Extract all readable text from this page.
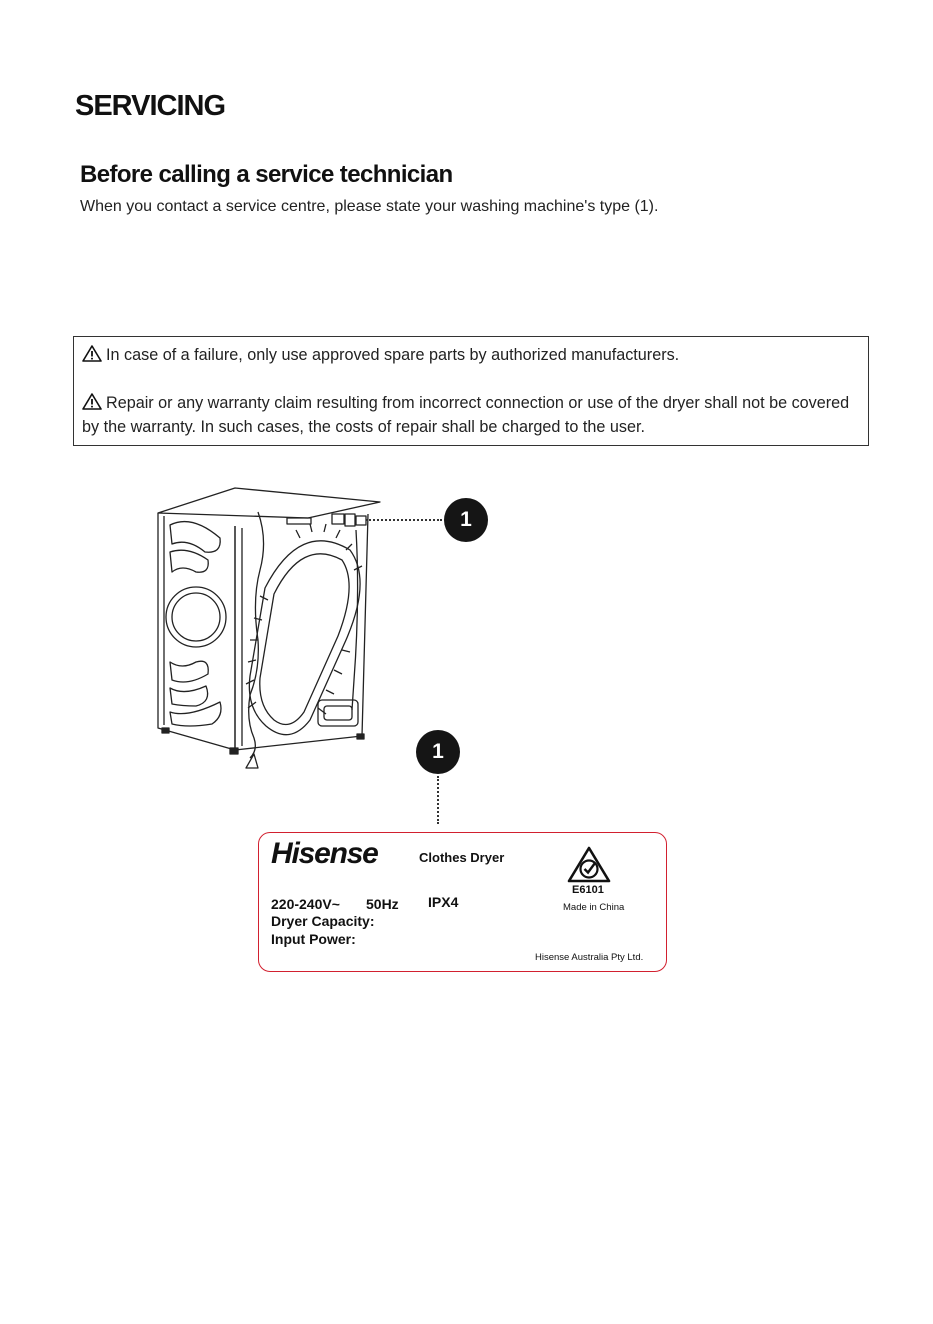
SERVICING
Before calling a service technician
When you contact a service centre, please state your washing machine's type (1).

In case of a failure, only use approved spare parts by authorized manufacturers.

Repair or any warranty claim resulting from incorrect connection or use of the dryer shall not be covered by the warranty. In such cases, the costs of repair shall be charged to the user.

1
1
Hisense	Clothes Dryer
220-240V~ 50Hz IPX4
Dryer Capacity:
Input Power:
E6101
Made in China
Hisense Australia Pty Ltd.
